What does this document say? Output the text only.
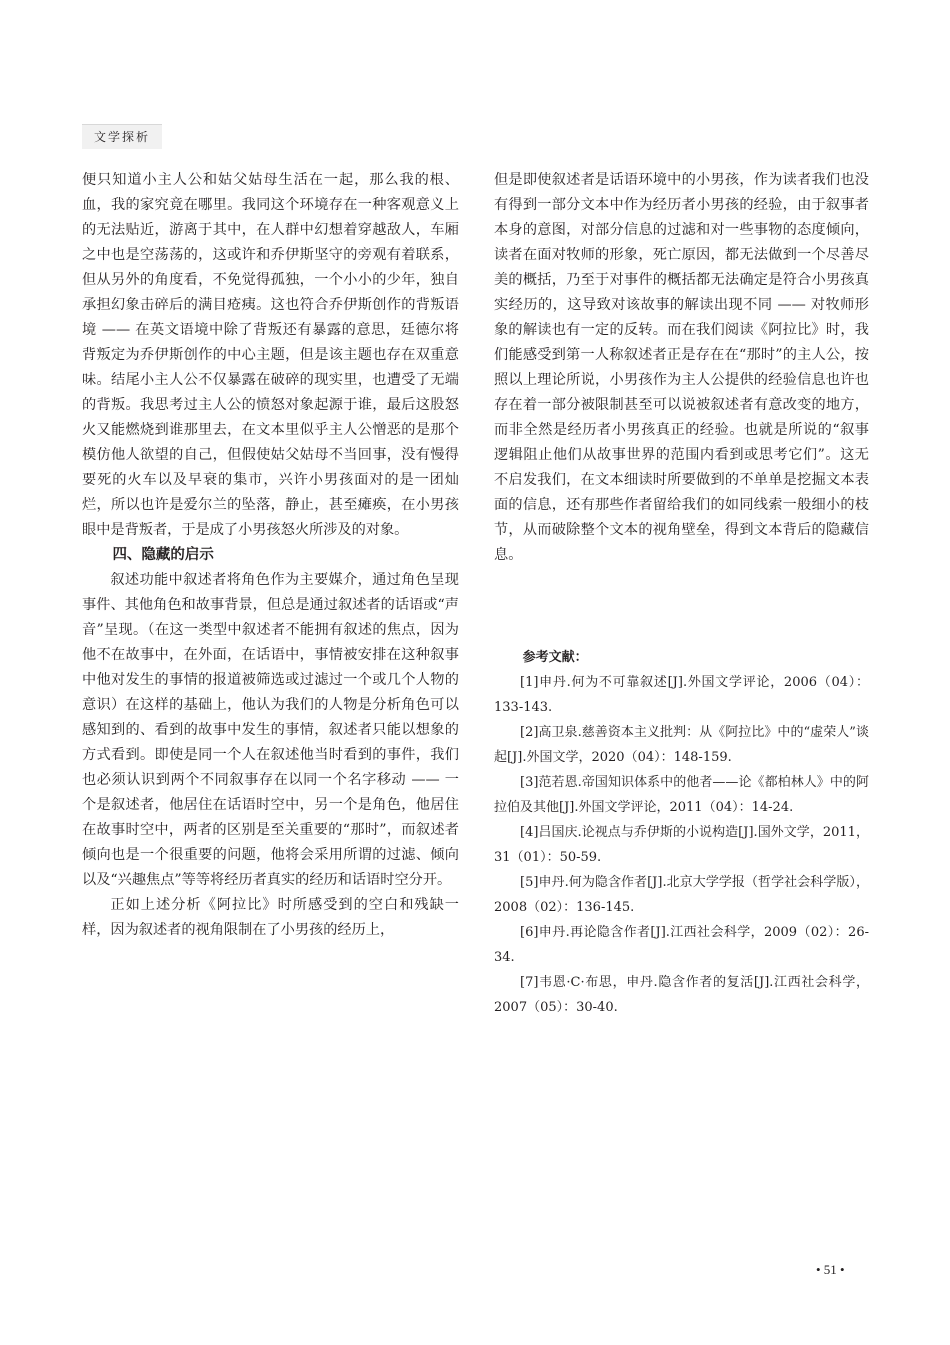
文学探析

便只知道小主人公和姑父姑母生活在一起，那么我的根、血，我的家究竟在哪里。我同这个环境存在一种客观意义上的无法贴近，游离于其中，在人群中幻想着穿越敌人，车厢之中也是空荡荡的，这或许和乔伊斯坚守的旁观有着联系，但从另外的角度看，不免觉得孤独，一个小小的少年，独自承担幻象击碎后的满目疮痍。这也符合乔伊斯创作的背叛语境 —— 在英文语境中除了背叛还有暴露的意思，廷德尔将背叛定为乔伊斯创作的中心主题，但是该主题也存在双重意味。结尾小主人公不仅暴露在破碎的现实里，也遭受了无端的背叛。我思考过主人公的愤怒对象起源于谁，最后这股怒火又能燃烧到谁那里去，在文本里似乎主人公憎恶的是那个模仿他人欲望的自己，但假使姑父姑母不当回事，没有慢得要死的火车以及早衰的集市，兴许小男孩面对的是一团灿烂，所以也许是爱尔兰的坠落，静止，甚至瘫痪，在小男孩眼中是背叛者，于是成了小男孩怒火所涉及的对象。

四、隐藏的启示

叙述功能中叙述者将角色作为主要媒介，通过角色呈现事件、其他角色和故事背景，但总是通过叙述者的话语或“声音”呈现。（在这一类型中叙述者不能拥有叙述的焦点，因为他不在故事中，在外面，在话语中，事情被安排在这种叙事中他对发生的事情的报道被筛选或过滤过一个或几个人物的意识）在这样的基础上，他认为我们的人物是分析角色可以感知到的、看到的故事中发生的事情，叙述者只能以想象的方式看到。即使是同一个人在叙述他当时看到的事件，我们也必须认识到两个不同叙事存在以同一个名字移动 —— 一个是叙述者，他居住在话语时空中，另一个是角色，他居住在故事时空中，两者的区别是至关重要的“那时”，而叙述者倾向也是一个很重要的问题，他将会采用所谓的过滤、倾向以及“兴趣焦点”等等将经历者真实的经历和话语时空分开。

正如上述分析《阿拉比》时所感受到的空白和残缺一样，因为叙述者的视角限制在了小男孩的经历上，

但是即使叙述者是话语环境中的小男孩，作为读者我们也没有得到一部分文本中作为经历者小男孩的经验，由于叙事者本身的意图，对部分信息的过滤和对一些事物的态度倾向，读者在面对牧师的形象，死亡原因，都无法做到一个尽善尽美的概括，乃至于对事件的概括都无法确定是符合小男孩真实经历的，这导致对该故事的解读出现不同 —— 对牧师形象的解读也有一定的反转。而在我们阅读《阿拉比》时，我们能感受到第一人称叙述者正是存在在“那时”的主人公，按照以上理论所说，小男孩作为主人公提供的经验信息也许也存在着一部分被限制甚至可以说被叙述者有意改变的地方，而非全然是经历者小男孩真正的经验。也就是所说的“叙事逻辑阻止他们从故事世界的范围内看到或思考它们”。这无不启发我们，在文本细读时所要做到的不单单是挖掘文本表面的信息，还有那些作者留给我们的如同线索一般细小的枝节，从而破除整个文本的视角壁垒，得到文本背后的隐藏信息。

参考文献：

[1]申丹.何为不可靠叙述[J].外国文学评论，2006（04）：133-143.

[2]高卫泉.慈善资本主义批判：从《阿拉比》中的“虚荣人”谈起[J].外国文学，2020（04）：148-159.

[3]范若恩.帝国知识体系中的他者——论《都柏林人》中的阿拉伯及其他[J].外国文学评论，2011（04）：14-24.

[4]吕国庆.论视点与乔伊斯的小说构造[J].国外文学，2011，31（01）：50-59.

[5]申丹.何为隐含作者[J].北京大学学报（哲学社会科学版），2008（02）：136-145.

[6]申丹.再论隐含作者[J].江西社会科学，2009（02）：26-34.

[7]韦恩·C·布思，申丹.隐含作者的复活[J].江西社会科学，2007（05）：30-40.

• 51 •
